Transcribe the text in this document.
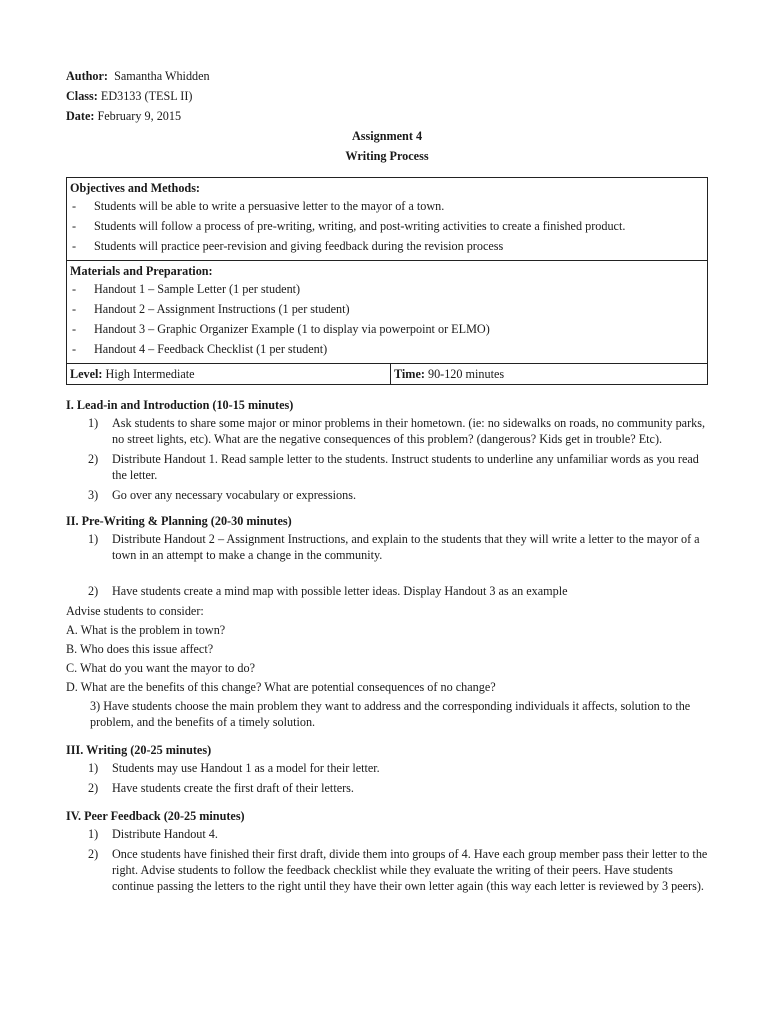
Author: Samantha Whidden
Class: ED3133 (TESL II)
Date: February 9, 2015
Assignment 4
Writing Process
Objectives and Methods:
-	Students will be able to write a persuasive letter to the mayor of a town.
-	Students will follow a process of pre-writing, writing, and post-writing activities to create a finished product.
-	Students will practice peer-revision and giving feedback during the revision process

Materials and Preparation:
-	Handout 1 – Sample Letter (1 per student)
-	Handout 2 – Assignment Instructions (1 per student)
-	Handout 3 – Graphic Organizer Example (1 to display via powerpoint or ELMO)
-	Handout 4 – Feedback Checklist (1 per student)

Level: High Intermediate	Time: 90-120 minutes
I. Lead-in and Introduction (10-15 minutes)
1)	Ask students to share some major or minor problems in their hometown. (ie: no sidewalks on roads, no community parks, no street lights, etc). What are the negative consequences of this problem? (dangerous? Kids get in trouble? Etc).
2)	Distribute Handout 1. Read sample letter to the students. Instruct students to underline any unfamiliar words as you read the letter.
3)	Go over any necessary vocabulary or expressions.
II. Pre-Writing & Planning (20-30 minutes)
1)	Distribute Handout 2 – Assignment Instructions, and explain to the students that they will write a letter to the mayor of a town in an attempt to make a change in the community.
2)	Have students create a mind map with possible letter ideas. Display Handout 3 as an example
Advise students to consider:
A. What is the problem in town?
B. Who does this issue affect?
C. What do you want the mayor to do?
D. What are the benefits of this change? What are potential consequences of no change?
3) Have students choose the main problem they want to address and the corresponding individuals it affects, solution to the problem, and the benefits of a timely solution.
III. Writing (20-25 minutes)
1)	Students may use Handout 1 as a model for their letter.
2)	Have students create the first draft of their letters.
IV. Peer Feedback (20-25 minutes)
1)	Distribute Handout 4.
2)	Once students have finished their first draft, divide them into groups of 4. Have each group member pass their letter to the right. Advise students to follow the feedback checklist while they evaluate the writing of their peers. Have students continue passing the letters to the right until they have their own letter again (this way each letter is reviewed by 3 peers).
